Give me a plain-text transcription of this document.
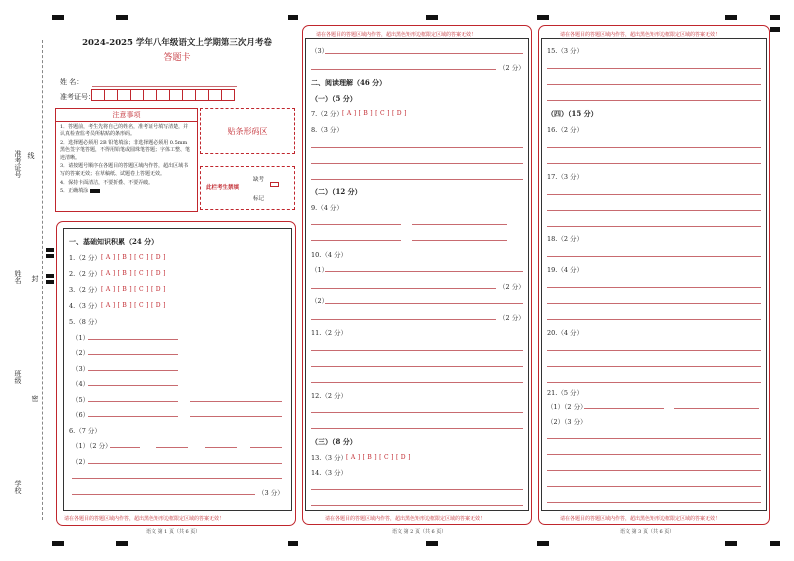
准考证号 线
姓名 封
班级
密
学校
2024-2025 学年八年级语文上学期第三次月考卷
答题卡
姓 名：
准考证号：
注意事项

1．答题前，考生先将自己的姓名，准考证号填写清楚，并认真检查监考员所粘贴的条形码。

2．选择题必须用 2B 铅笔填涂；非选择题必须用 0.5mm 黑色签字笔答题，不得用铅笔或圆珠笔答题；字体工整、笔迹清晰。

3．请按题号顺序在各题目的答题区域内作答，超出区域书写的答案无效；在草稿纸、试题卷上答题无效。

4．保持卡面清洁，不要折叠、不要弄破。

5．正确填涂

贴条形码区
此栏考生禁填
缺考
标记
一、基础知识积累（24 分）
1.（2 分） [ A ] [ B ] [ C ] [ D ]
2.（2 分） [ A ] [ B ] [ C ] [ D ]
3.（2 分） [ A ] [ B ] [ C ] [ D ]
4.（3 分） [ A ] [ B ] [ C ] [ D ]
5.（8 分）
（1）
（2）
（3）
（4）
（5）
（6）
6.（7 分）
（1）（2 分）
（2）
（3 分）
请在各题目的答题区域内作答，超出黑色矩形边框限定区域的答案无效！
语文 第 1 页（共 6 页）
请在各题目的答题区域内作答，超出黑色矩形边框限定区域的答案无效！
（3）
（2 分）
二、阅读理解（46 分）
（一）（5 分）
7.（2 分） [ A ] [ B ] [ C ] [ D ]
8.（3 分）
（二）（12 分）
9.（4 分）
10.（4 分）
（1）
（2 分）
（2）
（2 分）
11.（2 分）
12.（2 分）
（三）（8 分）
13.（3 分）
[ A ] [ B ] [ C ] [ D ]
14.（3 分）
请在各题目的答题区域内作答，超出黑色矩形边框限定区域的答案无效！
语文 第 2 页（共 6 页）
请在各题目的答题区域内作答，超出黑色矩形边框限定区域的答案无效！
15.（3 分）
（四）（15 分）
16.（2 分）
17.（3 分）
18.（2 分）
19.（4 分）
20.（4 分）
21.（5 分）
（1）（2 分）
（2）（3 分）
请在各题目的答题区域内作答，超出黑色矩形边框限定区域的答案无效！
语文 第 3 页（共 6 页）
